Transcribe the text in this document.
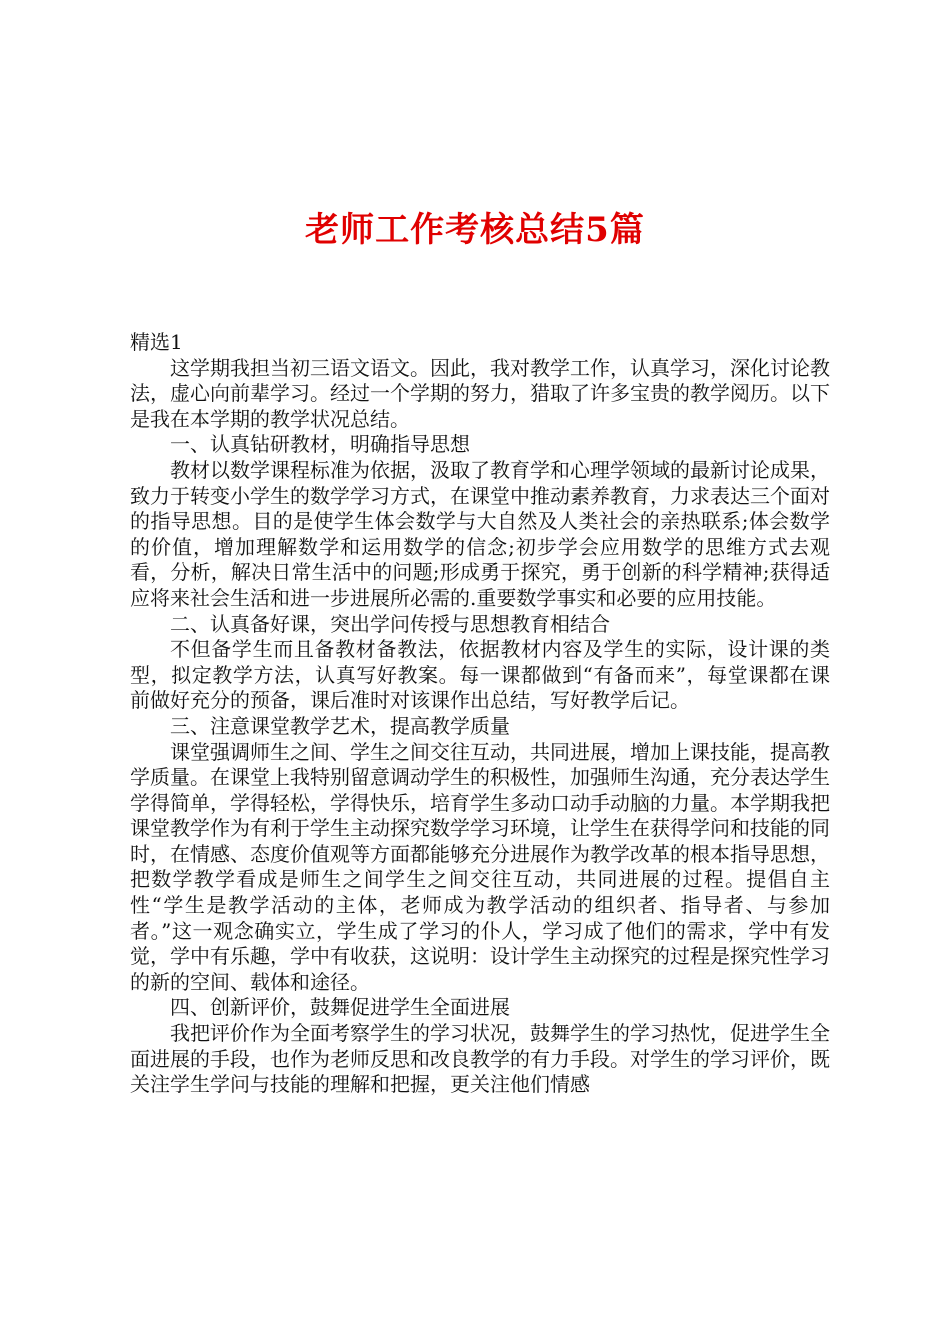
老师工作考核总结5篇

精选1

这学期我担当初三语文语文。因此，我对教学工作，认真学习，深化讨论教法，虚心向前辈学习。经过一个学期的努力，猎取了许多宝贵的教学阅历。以下是我在本学期的教学状况总结。

一、认真钻研教材，明确指导思想

教材以数学课程标准为依据，汲取了教育学和心理学领域的最新讨论成果，致力于转变小学生的数学学习方式，在课堂中推动素养教育，力求表达三个面对的指导思想。目的是使学生体会数学与大自然及人类社会的亲热联系;体会数学的价值，增加理解数学和运用数学的信念;初步学会应用数学的思维方式去观看，分析，解决日常生活中的问题;形成勇于探究，勇于创新的科学精神;获得适应将来社会生活和进一步进展所必需的.重要数学事实和必要的应用技能。

二、认真备好课，突出学问传授与思想教育相结合

不但备学生而且备教材备教法，依据教材内容及学生的实际，设计课的类型，拟定教学方法，认真写好教案。每一课都做到“有备而来”，每堂课都在课前做好充分的预备，课后准时对该课作出总结，写好教学后记。

三、注意课堂教学艺术，提高教学质量

课堂强调师生之间、学生之间交往互动，共同进展，增加上课技能，提高教学质量。在课堂上我特别留意调动学生的积极性，加强师生沟通，充分表达学生学得简单，学得轻松，学得快乐，培育学生多动口动手动脑的力量。本学期我把课堂教学作为有利于学生主动探究数学学习环境，让学生在获得学问和技能的同时，在情感、态度价值观等方面都能够充分进展作为教学改革的根本指导思想，把数学教学看成是师生之间学生之间交往互动，共同进展的过程。提倡自主性“学生是教学活动的主体，老师成为教学活动的组织者、指导者、与参加者。”这一观念确实立，学生成了学习的仆人，学习成了他们的需求，学中有发觉，学中有乐趣，学中有收获，这说明：设计学生主动探究的过程是探究性学习的新的空间、载体和途径。

四、创新评价，鼓舞促进学生全面进展

我把评价作为全面考察学生的学习状况，鼓舞学生的学习热忱，促进学生全面进展的手段，也作为老师反思和改良教学的有力手段。对学生的学习评价，既关注学生学问与技能的理解和把握，更关注他们情感
